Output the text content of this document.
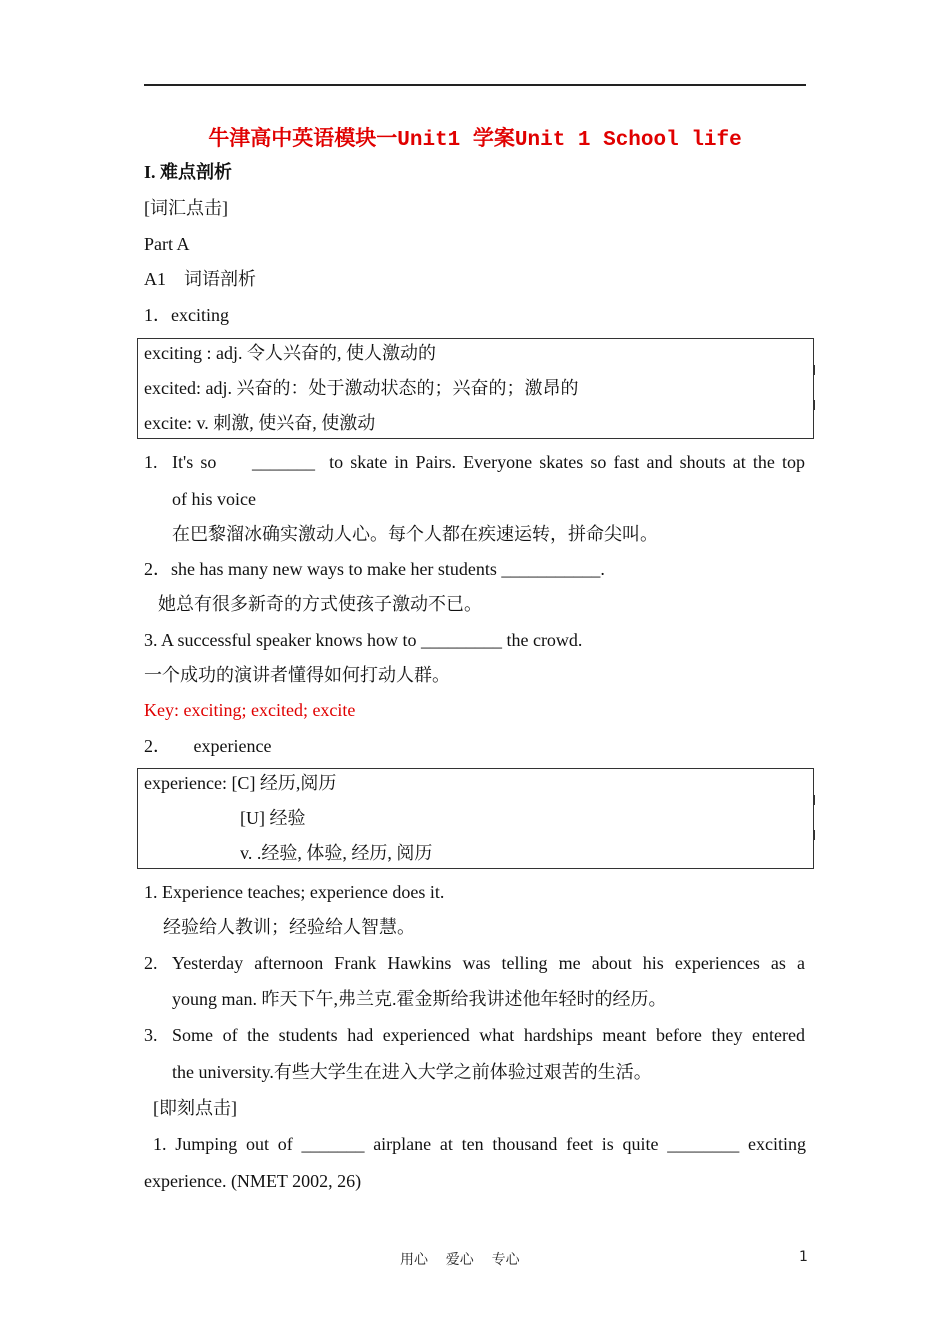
牛津高中英语模块一Unit1 学案Unit 1 School life
I. 难点剖析
[词汇点击]
Part A
A1    词语剖析
1．exciting
exciting : adj. 令人兴奋的, 使人激动的
excited: adj. 兴奋的：处于激动状态的；兴奋的；激昂的
excite: v. 刺激, 使兴奋, 使激动
1. It's so     _______  to skate in Pairs. Everyone skates so fast and shouts at the top
of his voice
在巴黎溜冰确实激动人心。每个人都在疾速运转，拼命尖叫。
2．she has many new ways to make her students ___________.
她总有很多新奇的方式使孩子激动不已。
3. A successful speaker knows how to _________ the crowd.
一个成功的演讲者懂得如何打动人群。
Key: exciting; excited; excite
2．     experience
experience: [C] 经历,阅历
[U] 经验
v. .经验, 体验, 经历, 阅历
1. Experience teaches; experience does it.
经验给人教训；经验给人智慧。
2. Yesterday afternoon Frank Hawkins was telling me about his experiences as a
young man. 昨天下午,弗兰克.霍金斯给我讲述他年轻时的经历。
3. Some of the students had experienced what hardships meant before they entered
the university.有些大学生在进入大学之前体验过艰苦的生活。
[即刻点击]
1. Jumping out of _______ airplane at ten thousand feet is quite ________ exciting
experience. (NMET 2002, 26)
用心    爱心    专心	1
